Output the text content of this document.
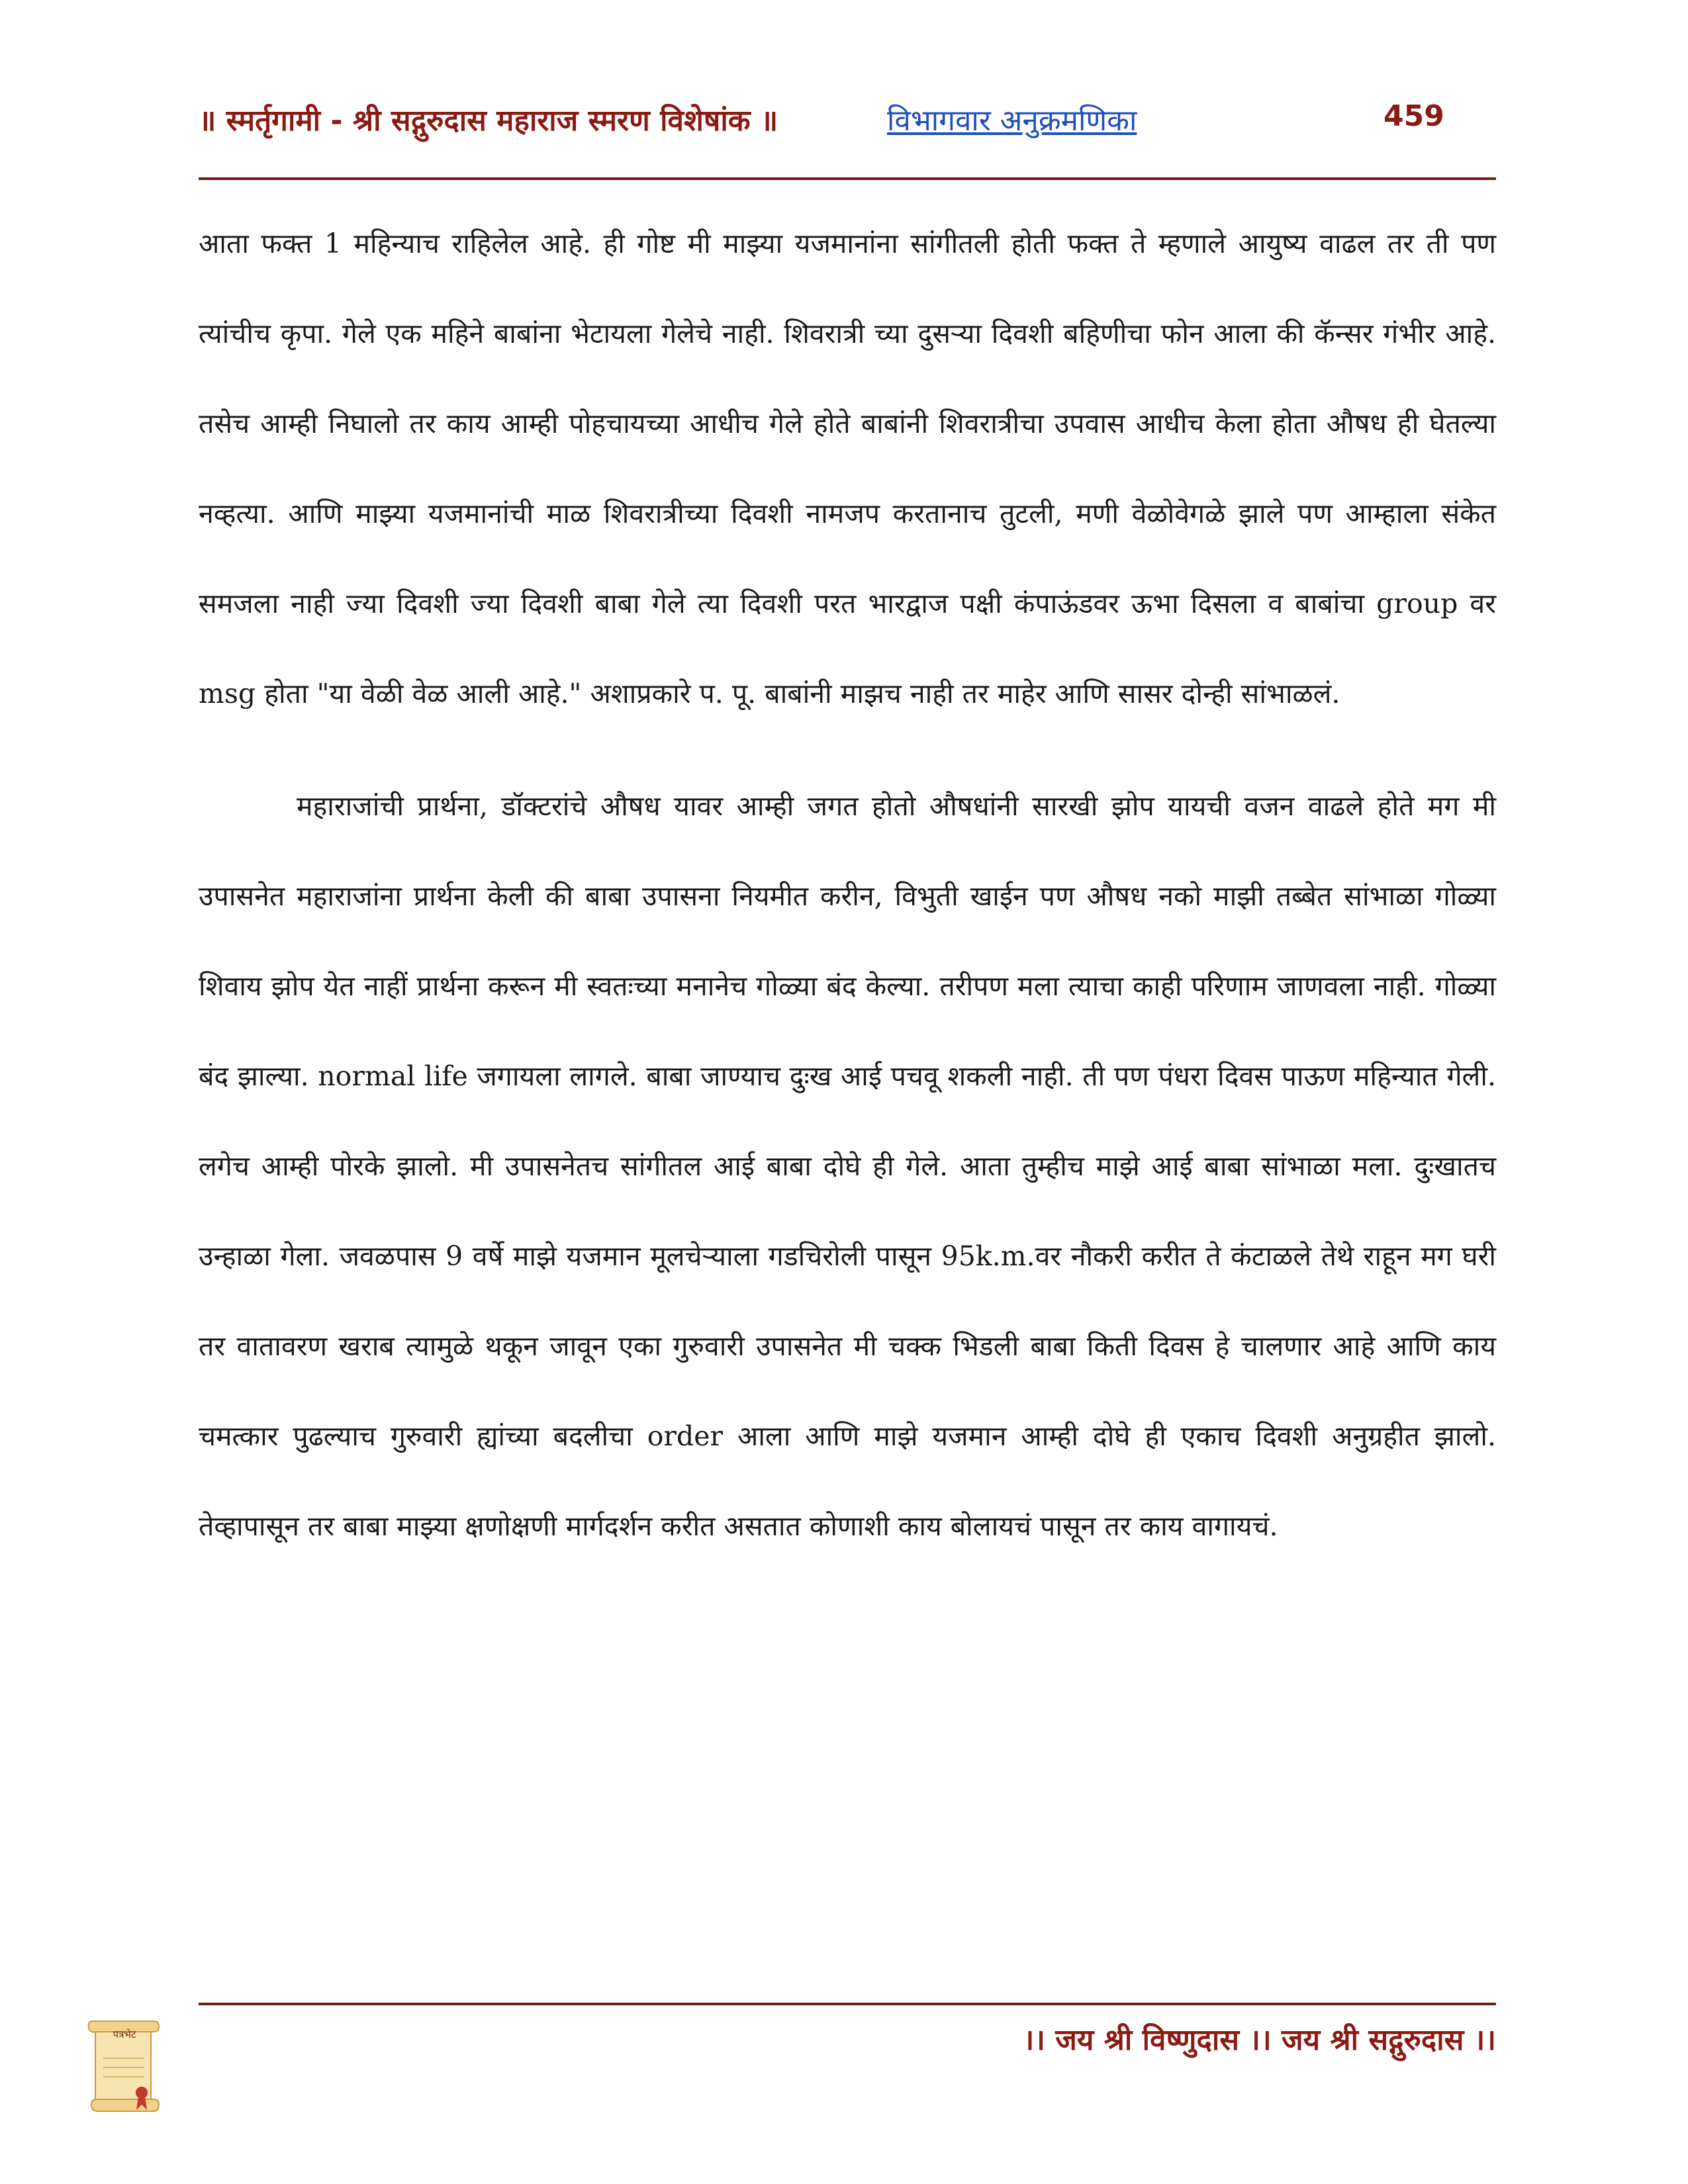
॥ स्मर्तृगामी - श्री सद्गुरुदास महाराज स्मरण विशेषांक ॥	विभागवार अनुक्रमणिका	459

आता फक्त 1 महिन्याच राहिलेल आहे. ही गोष्ट मी माझ्या यजमानांना सांगीतली होती फक्त ते म्हणाले आयुष्य वाढल तर ती पण त्यांचीच कृपा. गेले एक महिने बाबांना भेटायला गेलेचे नाही. शिवरात्री च्या दुसऱ्या दिवशी बहिणीचा फोन आला की कॅन्सर गंभीर आहे. तसेच आम्ही निघालो तर काय आम्ही पोहचायच्या आधीच गेले होते बाबांनी शिवरात्रीचा उपवास आधीच केला होता औषध ही घेतल्या नव्हत्या. आणि माझ्या यजमानांची माळ शिवरात्रीच्या दिवशी नामजप करतानाच तुटली, मणी वेळोवेगळे झाले पण आम्हाला संकेत समजला नाही ज्या दिवशी ज्या दिवशी बाबा गेले त्या दिवशी परत भारद्वाज पक्षी कंपाऊंडवर ऊभा दिसला व बाबांचा group वर msg होता "या वेळी वेळ आली आहे." अशाप्रकारे प. पू. बाबांनी माझच नाही तर माहेर आणि सासर दोन्ही सांभाळलं.

महाराजांची प्रार्थना, डॉक्टरांचे औषध यावर आम्ही जगत होतो औषधांनी सारखी झोप यायची वजन वाढले होते मग मी उपासनेत महाराजांना प्रार्थना केली की बाबा उपासना नियमीत करीन, विभुती खाईन पण औषध नको माझी तब्बेत सांभाळा गोळ्या शिवाय झोप येत नाहीं प्रार्थना करून मी स्वतःच्या मनानेच गोळ्या बंद केल्या. तरीपण मला त्याचा काही परिणाम जाणवला नाही. गोळ्या बंद झाल्या. normal life जगायला लागले. बाबा जाण्याच दुःख आई पचवू शकली नाही. ती पण पंधरा दिवस पाऊण महिन्यात गेली. लगेच आम्ही पोरके झालो. मी उपासनेतच सांगीतल आई बाबा दोघे ही गेले. आता तुम्हीच माझे आई बाबा सांभाळा मला. दुःखातच उन्हाळा गेला. जवळपास 9 वर्षे माझे यजमान मूलचेऱ्याला गडचिरोली पासून 95k.m.वर नौकरी करीत ते कंटाळले तेथे राहून मग घरी तर वातावरण खराब त्यामुळे थकून जावून एका गुरुवारी उपासनेत मी चक्क भिडली बाबा किती दिवस हे चालणार आहे आणि काय चमत्कार पुढल्याच गुरुवारी ह्यांच्या बदलीचा order आला आणि माझे यजमान आम्ही दोघे ही एकाच दिवशी अनुग्रहीत झालो. तेव्हापासून तर बाबा माझ्या क्षणोक्षणी मार्गदर्शन करीत असतात कोणाशी काय बोलायचं पासून तर काय वागायचं.

पत्रभेट	।। जय श्री विष्णुदास ।। जय श्री सद्गुरुदास ।।
